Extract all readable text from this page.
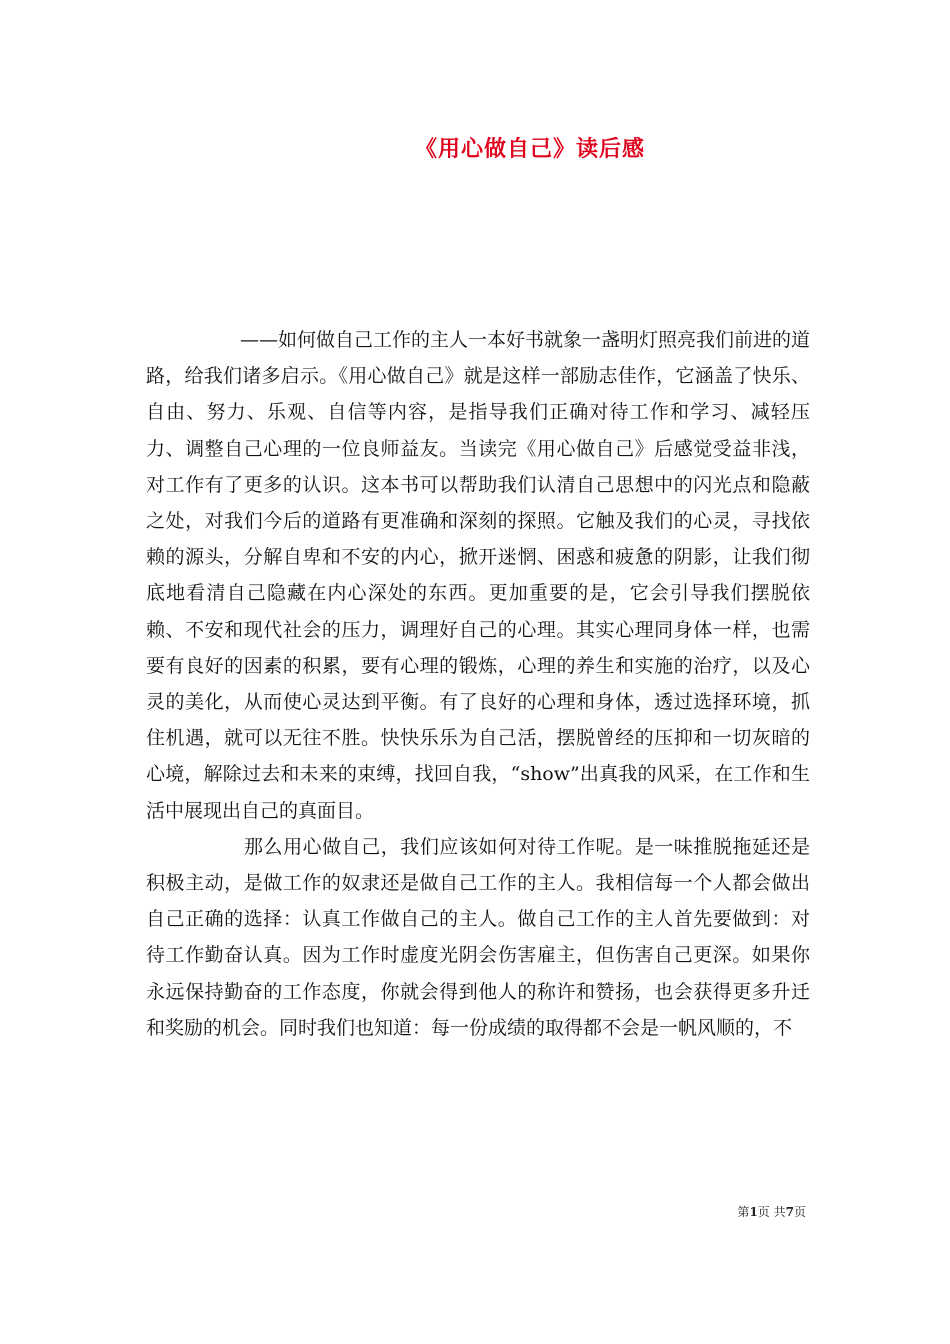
《用心做自己》读后感

——如何做自己工作的主人一本好书就象一盏明灯照亮我们前进的道路，给我们诸多启示。《用心做自己》就是这样一部励志佳作，它涵盖了快乐、自由、努力、乐观、自信等内容，是指导我们正确对待工作和学习、减轻压力、调整自己心理的一位良师益友。当读完《用心做自己》后感觉受益非浅，对工作有了更多的认识。这本书可以帮助我们认清自己思想中的闪光点和隐蔽之处，对我们今后的道路有更准确和深刻的探照。它触及我们的心灵，寻找依赖的源头，分解自卑和不安的内心，掀开迷惘、困惑和疲惫的阴影，让我们彻底地看清自己隐藏在内心深处的东西。更加重要的是，它会引导我们摆脱依赖、不安和现代社会的压力，调理好自己的心理。其实心理同身体一样，也需要有良好的因素的积累，要有心理的锻炼，心理的养生和实施的治疗，以及心灵的美化，从而使心灵达到平衡。有了良好的心理和身体，透过选择环境，抓住机遇，就可以无往不胜。快快乐乐为自己活，摆脱曾经的压抑和一切灰暗的心境，解除过去和未来的束缚，找回自我，“show”出真我的风采，在工作和生活中展现出自己的真面目。

那么用心做自己，我们应该如何对待工作呢。是一味推脱拖延还是积极主动，是做工作的奴隶还是做自己工作的主人。我相信每一个人都会做出自己正确的选择：认真工作做自己的主人。做自己工作的主人首先要做到：对待工作勤奋认真。因为工作时虚度光阴会伤害雇主，但伤害自己更深。如果你永远保持勤奋的工作态度，你就会得到他人的称许和赞扬，也会获得更多升迁和奖励的机会。同时我们也知道：每一份成绩的取得都不会是一帆风顺的，不

第1页 共7页
